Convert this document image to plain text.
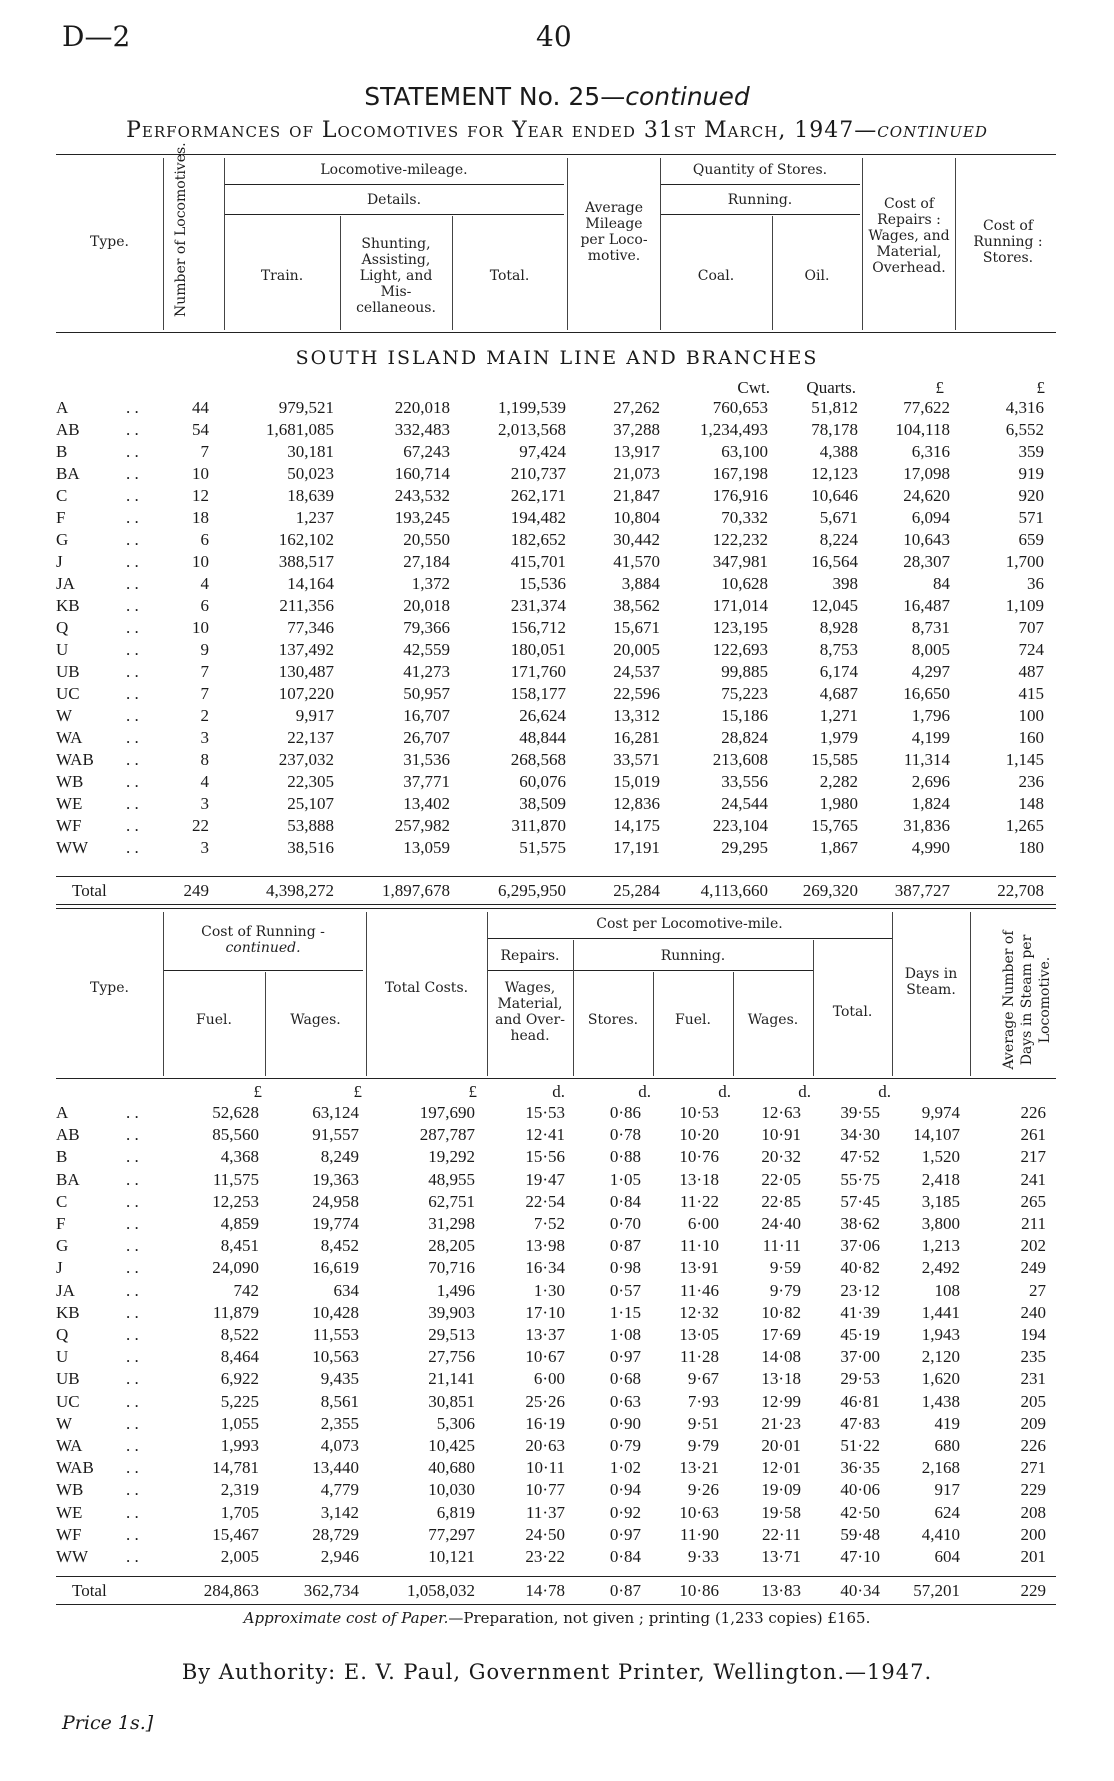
D—2	40
STATEMENT No. 25—continued
Performances of Locomotives for Year ended 31st March, 1947—continued
Type.	Number of Locomotives.	Locomotive-mileage.
Details.
Train.
Shunting, Assisting, Light, and Mis-cellaneous.
Total.
Average Mileage per Loco-motive.
Quantity of Stores.
Running.
Coal.	Oil.
Cost of Repairs : Wages, and Material, Overhead.
Cost of Running : Stores.
SOUTH ISLAND MAIN LINE AND BRANCHES
Cwt.	Quarts.	£	£
A	. .	44	979,521	220,018	1,199,539	27,262	760,653	51,812	77,622	4,316
AB	. .	54	1,681,085	332,483	2,013,568	37,288 1,234,493	78,178 104,118	6,552
B	. .	7	30,181	67,243	97,424	13,917	63,100	4,388	6,316	359
BA	. .	10	50,023	160,714	210,737	21,073	167,198	12,123	17,098	919
C	. .	12	18,639	243,532	262,171	21,847	176,916	10,646	24,620	920
F	. .	18	1,237	193,245	194,482	10,804	70,332	5,671	6,094	571
G	. .	6	162,102	20,550	182,652	30,442	122,232	8,224	10,643	659
J	. .	10	388,517	27,184	415,701	41,570	347,981	16,564	28,307	1,700
JA	. .	4	14,164	1,372	15,536	3,884	10,628	398	84	36
KB	. .	6	211,356	20,018	231,374	38,562	171,014	12,045	16,487	1,109
Q	. .	10	77,346	79,366	156,712	15,671	123,195	8,928	8,731	707
U	. .	9	137,492	42,559	180,051	20,005	122,693	8,753	8,005	724
UB	. .	7	130,487	41,273	171,760	24,537	99,885	6,174	4,297	487
UC	. .	7	107,220	50,957	158,177	22,596	75,223	4,687	16,650	415
W	. .	2	9,917	16,707	26,624	13,312	15,186	1,271	1,796	100
WA	. .	3	22,137	26,707	48,844	16,281	28,824	1,979	4,199	160
WAB . .	8	237,032	31,536	268,568	33,571	213,608	15,585	11,314	1,145
WB	. .	4	22,305	37,771	60,076	15,019	33,556	2,282	2,696	236
WE	. .	3	25,107	13,402	38,509	12,836	24,544	1,980	1,824	148
WF	. .	22	53,888	257,982	311,870	14,175	223,104	15,765	31,836	1,265
WW . .	3	38,516	13,059	51,575	17,191	29,295	1,867	4,990	180
Total	249	4,398,272	1,897,678	6,295,950	25,284 4,113,660 269,320 387,727	22,708
Type.
Cost of Running -
continued.
Fuel.	Wages.
Total Costs.
Cost per Locomotive-mile.
Repairs.
Wages, Material, and Over-head.
Running.
Stores.	Fuel.	Wages.	Total.
Days in Steam.	Average Number of Days in Steam per Locomotive.
£	£	£	d.	d.	d.	d.	d.
A	. .	52,628	63,124	197,690	15·53	0·86 10·53 12·63 39·55 9,974	226
AB	. .	85,560	91,557	287,787	12·41	0·78 10·20 10·91 34·30 14,107	261
B	. .	4,368	8,249	19,292	15·56	0·88 10·76 20·32 47·52 1,520	217
BA	. .	11,575	19,363	48,955	19·47	1·05 13·18 22·05 55·75 2,418	241
C	. .	12,253	24,958	62,751	22·54	0·84 11·22 22·85 57·45 3,185	265
F	. .	4,859	19,774	31,298	7·52	0·70	6·00 24·40 38·62 3,800	211
G	. .	8,451	8,452	28,205	13·98	0·87 11·10	11·11 37·06 1,213	202
J	. .	24,090	16,619	70,716	16·34	0·98 13·91	9·59 40·82 2,492	249
JA	. .	742	634	1,496	1·30	0·57 11·46	9·79 23·12	108	27
KB	. .	11,879	10,428	39,903	17·10	1·15 12·32 10·82 41·39 1,441	240
Q	. .	8,522	11,553	29,513	13·37	1·08 13·05 17·69 45·19 1,943	194
U	. .	8,464	10,563	27,756	10·67	0·97 11·28 14·08 37·00 2,120	235
UB	. .	6,922	9,435	21,141	6·00	0·68	9·67 13·18 29·53 1,620	231
UC	. .	5,225	8,561	30,851	25·26	0·63	7·93 12·99 46·81 1,438	205
W	. .	1,055	2,355	5,306	16·19	0·90	9·51 21·23 47·83	419	209
WA	. .	1,993	4,073	10,425	20·63	0·79	9·79 20·01 51·22	680	226
WAB . .	14,781	13,440	40,680	10·11	1·02 13·21 12·01 36·35 2,168	271
WB	. .	2,319	4,779	10,030	10·77	0·94	9·26 19·09 40·06	917	229
WE	. .	1,705	3,142	6,819	11·37	0·92 10·63 19·58 42·50	624	208
WF	. .	15,467	28,729	77,297	24·50	0·97 11·90	22·11 59·48 4,410	200
WW . .	2,005	2,946	10,121	23·22	0·84	9·33 13·71 47·10	604	201
Total	284,863	362,734	1,058,032	14·78	0·87 10·86 13·83 40·34 57,201	229
Approximate cost of Paper.—Preparation, not given ; printing (1,233 copies) £165.
By Authority: E. V. Paul, Government Printer, Wellington.—1947.
Price 1s.]
